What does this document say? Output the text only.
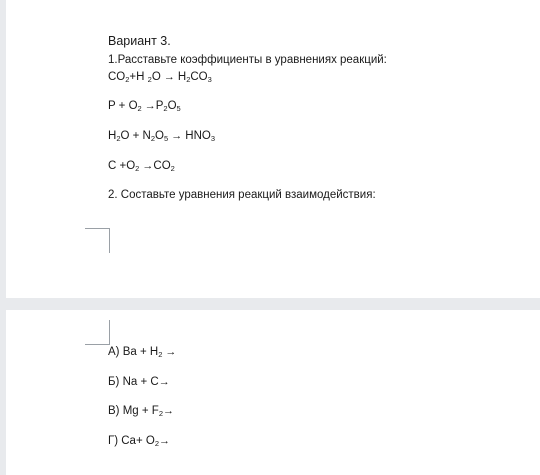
Вариант 3.
1.Расставьте коэффициенты в уравнениях реакций:
$CO_2+H$ $_2O \to H_2CO_3$
$P + O_2 \to P_2O_5$
$H_2O + N_2O_5 \to HNO_3$
$C +O_2 \to CO_2$
2. Составьте уравнения реакций взаимодействия:
А) $Ba + H_2$ →
Б) Na + C→
В) $Mg + F_2\to$
Г) $Ca+ O_2\to$
